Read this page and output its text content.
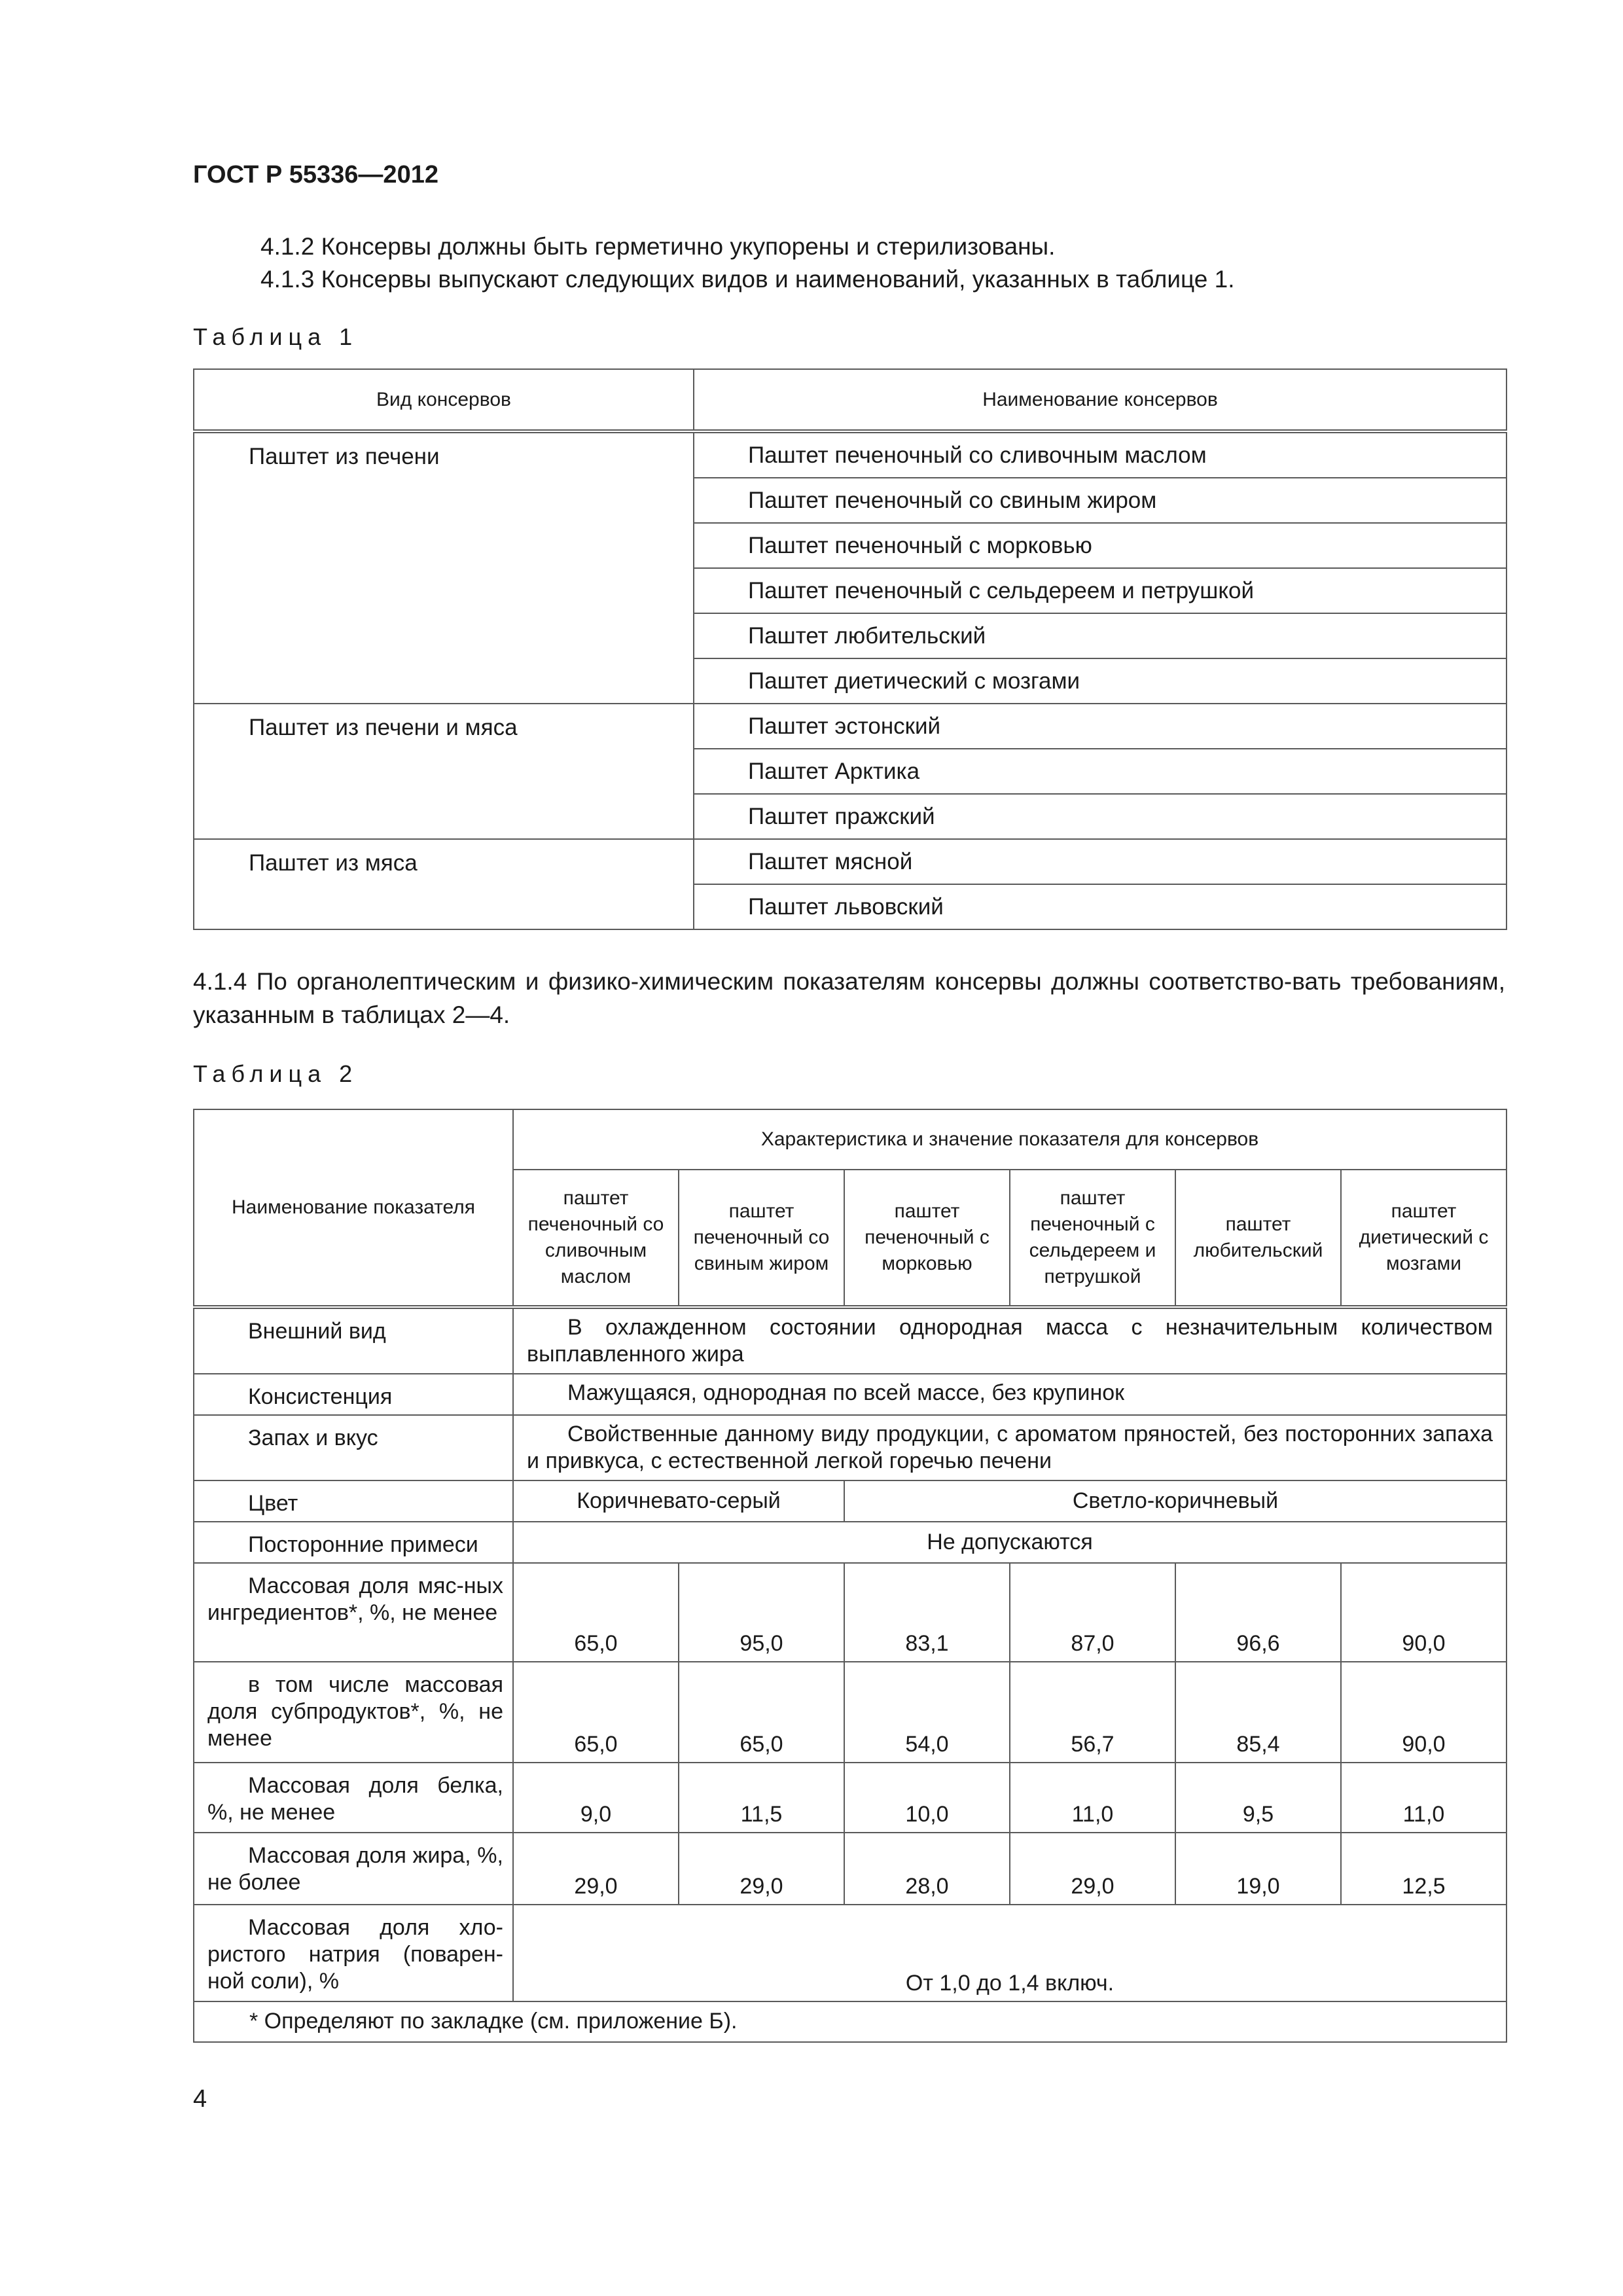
ГОСТ Р 55336—2012
4.1.2 Консервы должны быть герметично укупорены и стерилизованы.
4.1.3 Консервы выпускают следующих видов и наименований, указанных в таблице 1.
Таблица 1
Вид консервов	Наименование консервов
Паштет из печени	Паштет печеночный со сливочным маслом
	Паштет печеночный со свиным жиром
	Паштет печеночный с морковью
	Паштет печеночный с сельдереем и петрушкой
	Паштет любительский
	Паштет диетический с мозгами
Паштет из печени и мяса	Паштет эстонский
	Паштет Арктика
	Паштет пражский
Паштет из мяса	Паштет мясной
	Паштет львовский
4.1.4 По органолептическим и физико-химическим показателям консервы должны соответство-вать требованиям, указанным в таблицах 2—4.
Таблица 2
Наименование показателя	Характеристика и значение показателя для консервов					
	паштет печеночный со сливочным маслом	паштет печеночный со свиным жиром	паштет печеночный с морковью	паштет печеночный с сельдереем и петрушкой	паштет любительский	паштет диетический с мозгами
Внешний вид	В охлажденном состоянии однородная масса с незначительным количеством выплавленного жира					
Консистенция	Мажущаяся, однородная по всей массе, без крупинок					
Запах и вкус	Свойственные данному виду продукции, с ароматом пряностей, без посторонних запаха и привкуса, с естественной легкой горечью печени					
Цвет	Коричневато-серый		Светло-коричневый			
Посторонние примеси	Не допускаются					
Массовая доля мяс-ных ингредиентов*, %, не менее	65,0	95,0	83,1	87,0	96,6	90,0
в том числе массовая доля субпродуктов*, %, не менее	65,0	65,0	54,0	56,7	85,4	90,0
Массовая доля белка, %, не менее	9,0	11,5	10,0	11,0	9,5	11,0
Массовая доля жира, %, не более	29,0	29,0	28,0	29,0	19,0	12,5
Массовая доля хло-ристого натрия (поварен-ной соли), %	От 1,0 до 1,4 включ.					
* Определяют по закладке (см. приложение Б).						
4
